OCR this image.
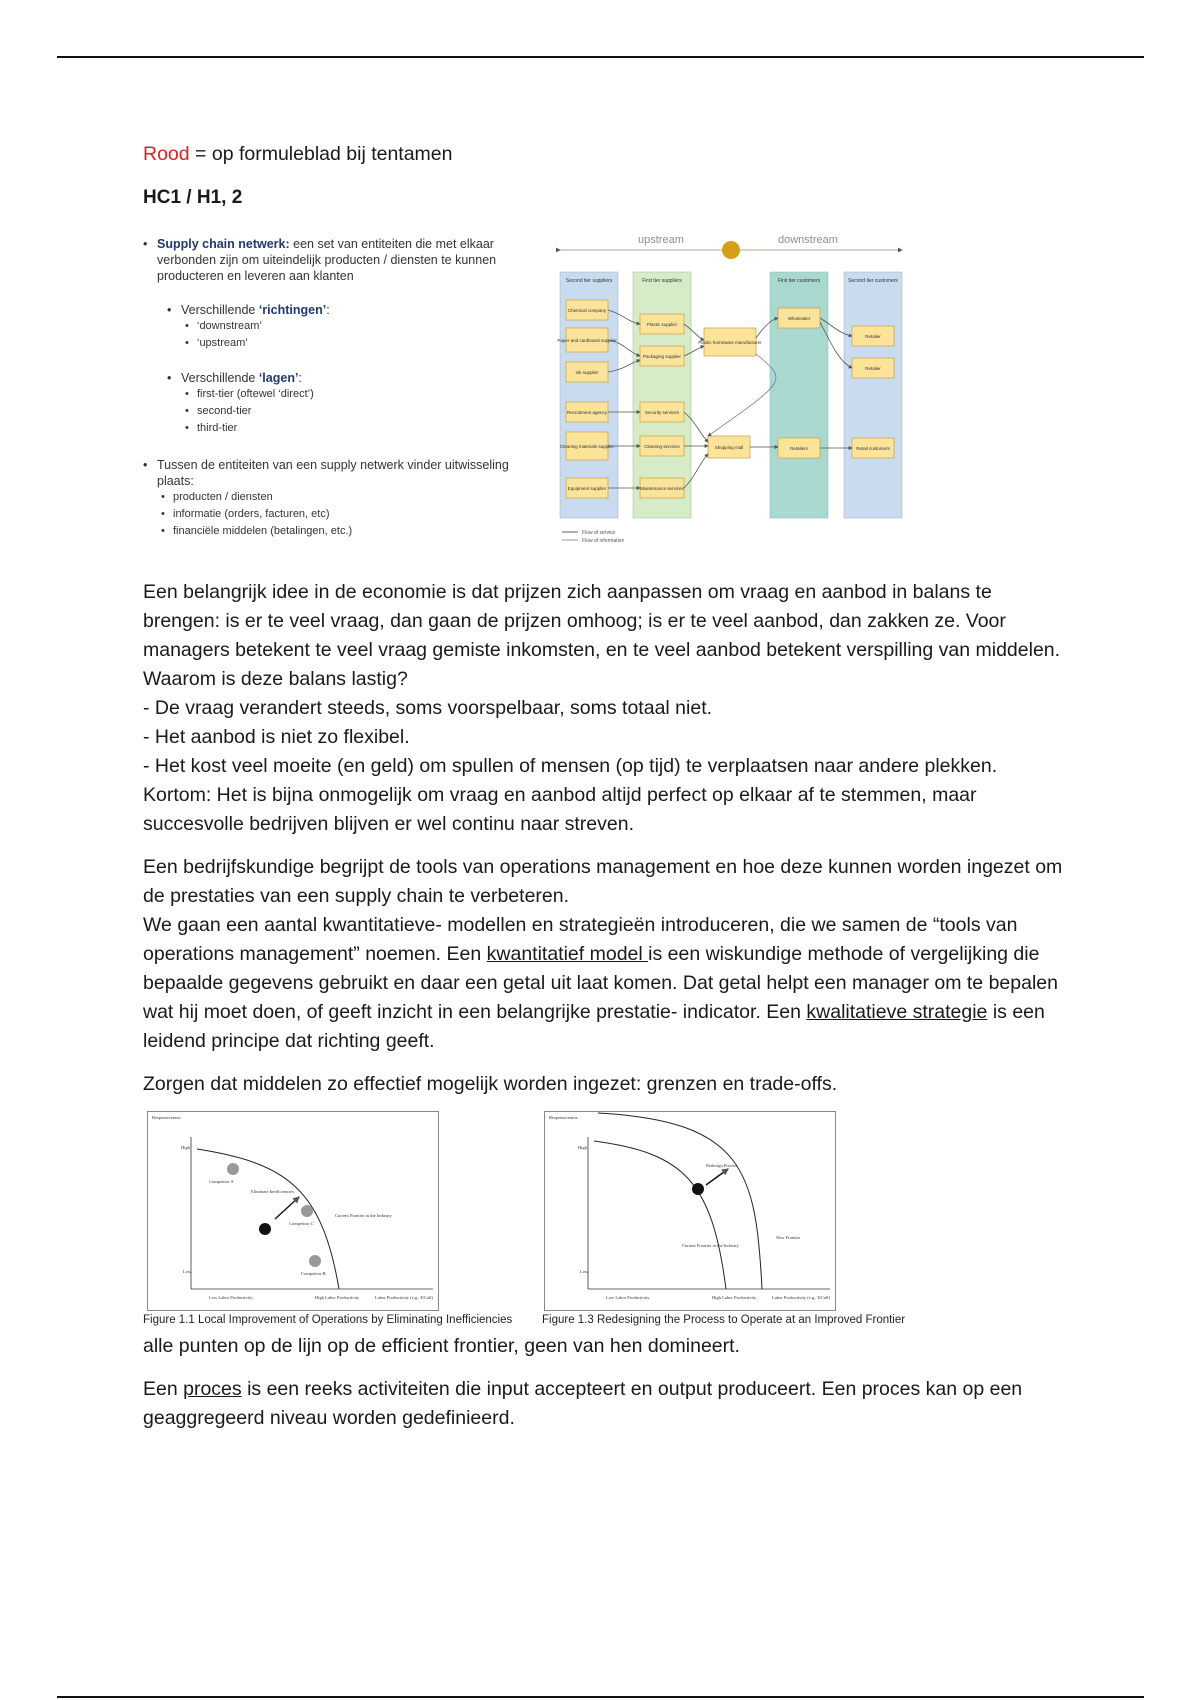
Rood = op formuleblad bij tentamen

HC1 / H1, 2

• Supply chain netwerk: een set van entiteiten die met elkaar verbonden zijn om uiteindelijk producten / diensten te kunnen producteren en leveren aan klanten
• Verschillende ‘richtingen’:
• ‘downstream’
• ‘upstream’
• Verschillende ‘lagen’:
• first-tier (oftewel ‘direct’)
• second-tier
• third-tier
• Tussen de entiteiten van een supply netwerk vinder uitwisseling plaats:
• producten / diensten
• informatie (orders, facturen, etc)
• financiële middelen (betalingen, etc.)
upstream	downstream
Second tier suppliers	First tier suppliers	First tier customers	Second tier customers
Chemical company
Paper and cardboard supplier
Ink supplier
Recruitment agency
Cleaning materials supplier
Equipment supplier
Plastic supplier
Packaging supplier
Security services
Cleaning services
Maintenance services
Plastic homeware manufacturer
Shopping mall
Wholesaler
Retailers
Retailer
Retailer
Retail customers
Flow of service
Flow of information

Een belangrijk idee in de economie is dat prijzen zich aanpassen om vraag en aanbod in balans te brengen: is er te veel vraag, dan gaan de prijzen omhoog; is er te veel aanbod, dan zakken ze. Voor managers betekent te veel vraag gemiste inkomsten, en te veel aanbod betekent verspilling van middelen.

Waarom is deze balans lastig?

- De vraag verandert steeds, soms voorspelbaar, soms totaal niet.

- Het aanbod is niet zo flexibel.

- Het kost veel moeite (en geld) om spullen of mensen (op tijd) te verplaatsen naar andere plekken.

Kortom: Het is bijna onmogelijk om vraag en aanbod altijd perfect op elkaar af te stemmen, maar succesvolle bedrijven blijven er wel continu naar streven.

Een bedrijfskundige begrijpt de tools van operations management en hoe deze kunnen worden ingezet om de prestaties van een supply chain te verbeteren.

We gaan een aantal kwantitatieve- modellen en strategieën introduceren, die we samen de “tools van operations management” noemen. Een kwantitatief model is een wiskundige methode of vergelijking die bepaalde gegevens gebruikt en daar een getal uit laat komen. Dat getal helpt een manager om te bepalen wat hij moet doen, of geeft inzicht in een belangrijke prestatie- indicator. Een kwalitatieve strategie is een leidend principe dat richting geeft.

Zorgen dat middelen zo effectief mogelijk worden ingezet: grenzen en trade-offs.

Responsiveness
High
Low
Low Labor Productivity	High Labor Productivity	Labor Productivity (e.g., $/Call)
Competitor A
Eliminate Inefficiencies
Current Frontier in the Industry
Competitor C
Competitor B
Figure 1.1 Local Improvement of Operations by Eliminating Inefficiencies
Responsiveness
High
Low
Low Labor Productivity	High Labor Productivity	Labor Productivity (e.g., $/Call)
Redesign Process
New Frontier
Current Frontier in the Industry
Figure 1.3 Redesigning the Process to Operate at an Improved Frontier

alle punten op de lijn op de efficient frontier, geen van hen domineert.

Een proces is een reeks activiteiten die input accepteert en output produceert. Een proces kan op een geaggregeerd niveau worden gedefinieerd.
